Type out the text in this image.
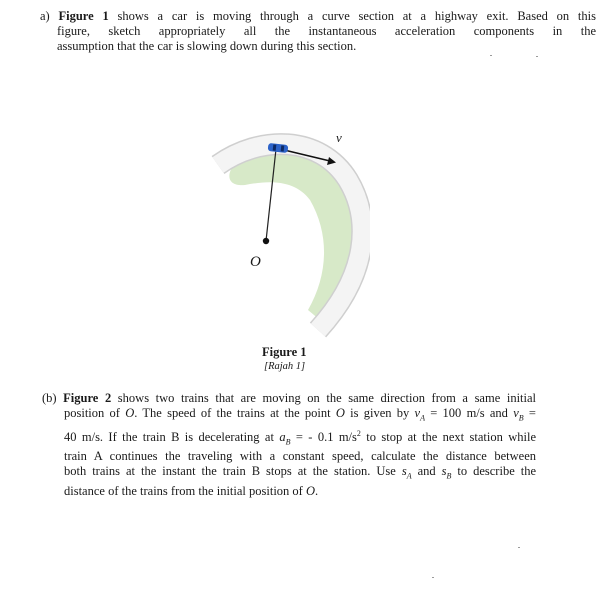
a) Figure 1 shows a car is moving through a curve section at a highway exit. Based on this
figure, sketch appropriately all the instantaneous acceleration components in the
assumption that the car is slowing down during this section.
v
O
Figure 1
[Rajah 1]
(b) Figure 2 shows two trains that are moving on the same direction from a same initial
position of O. The speed of the trains at the point O is given by $v_A = 100$ m/s and $v_B$ =
40 m/s. If the train B is decelerating at $a_B$ = - 0.1 $m/s^2$ to stop at the next station while
train A continues the traveling with a constant speed, calculate the distance between
both trains at the instant the train B stops at the station. Use $s_A$ and $s_B$ to describe the
distance of the trains from the initial position of O.
